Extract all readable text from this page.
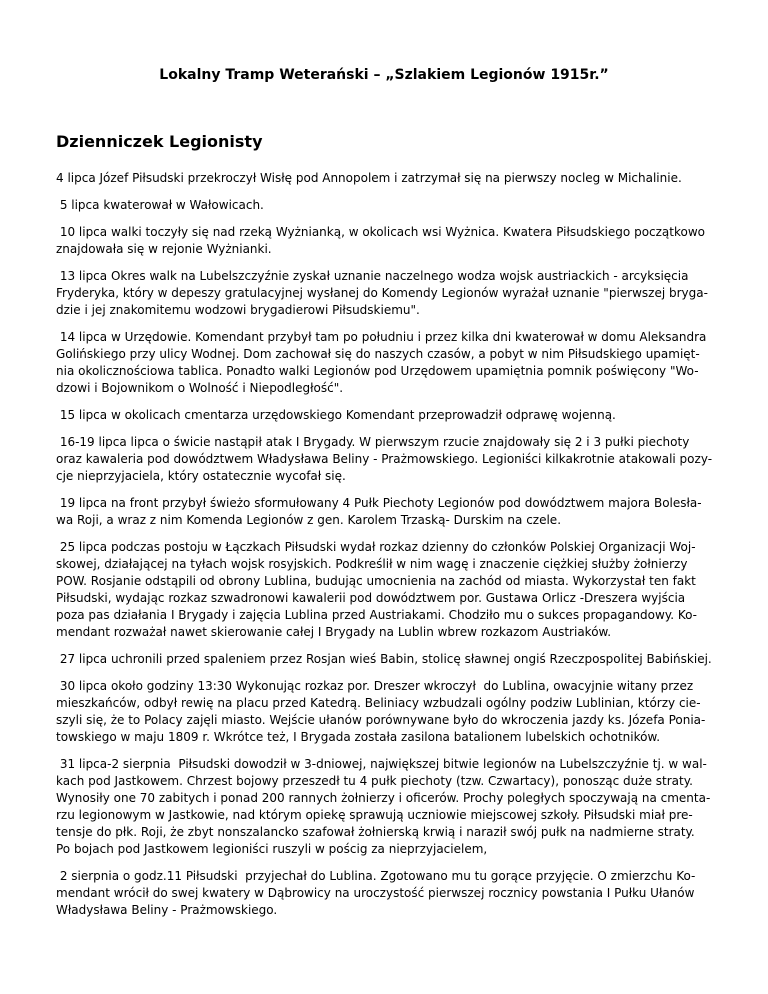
Lokalny Tramp Weterański – „Szlakiem Legionów 1915r.”
Dzienniczek Legionisty

4 lipca Józef Piłsudski przekroczył Wisłę pod Annopolem i zatrzymał się na pierwszy nocleg w Michalinie.

5 lipca kwaterował w Wałowicach.

10 lipca walki toczyły się nad rzeką Wyżnianką, w okolicach wsi Wyżnica. Kwatera Piłsudskiego początkowo
znajdowała się w rejonie Wyżnianki.

13 lipca Okres walk na Lubelszczyźnie zyskał uznanie naczelnego wodza wojsk austriackich - arcyksięcia
Fryderyka, który w depeszy gratulacyjnej wysłanej do Komendy Legionów wyrażał uznanie "pierwszej bryga-
dzie i jej znakomitemu wodzowi brygadierowi Piłsudskiemu".

14 lipca w Urzędowie. Komendant przybył tam po południu i przez kilka dni kwaterował w domu Aleksandra
Golińskiego przy ulicy Wodnej. Dom zachował się do naszych czasów, a pobyt w nim Piłsudskiego upamięt-
nia okolicznościowa tablica. Ponadto walki Legionów pod Urzędowem upamiętnia pomnik poświęcony "Wo-
dzowi i Bojownikom o Wolność i Niepodległość".

15 lipca w okolicach cmentarza urzędowskiego Komendant przeprowadził odprawę wojenną.

16-19 lipca lipca o świcie nastąpił atak I Brygady. W pierwszym rzucie znajdowały się 2 i 3 pułki piechoty
oraz kawaleria pod dowództwem Władysława Beliny - Prażmowskiego. Legioniści kilkakrotnie atakowali pozy-
cje nieprzyjaciela, który ostatecznie wycofał się.

19 lipca na front przybył świeżo sformułowany 4 Pułk Piechoty Legionów pod dowództwem majora Bolesła-
wa Roji, a wraz z nim Komenda Legionów z gen. Karolem Trzaską- Durskim na czele.

25 lipca podczas postoju w Łączkach Piłsudski wydał rozkaz dzienny do członków Polskiej Organizacji Woj-
skowej, działającej na tyłach wojsk rosyjskich. Podkreślił w nim wagę i znaczenie ciężkiej służby żołnierzy
POW. Rosjanie odstąpili od obrony Lublina, budując umocnienia na zachód od miasta. Wykorzystał ten fakt
Piłsudski, wydając rozkaz szwadronowi kawalerii pod dowództwem por. Gustawa Orlicz -Dreszera wyjścia
poza pas działania I Brygady i zajęcia Lublina przed Austriakami. Chodziło mu o sukces propagandowy. Ko-
mendant rozważał nawet skierowanie całej I Brygady na Lublin wbrew rozkazom Austriaków.

27 lipca uchronili przed spaleniem przez Rosjan wieś Babin, stolicę sławnej ongiś Rzeczpospolitej Babińskiej.

30 lipca około godziny 13:30 Wykonując rozkaz por. Dreszer wkroczył  do Lublina, owacyjnie witany przez
mieszkańców, odbył rewię na placu przed Katedrą. Beliniacy wzbudzali ogólny podziw Lublinian, którzy cie-
szyli się, że to Polacy zajęli miasto. Wejście ułanów porównywane było do wkroczenia jazdy ks. Józefa Ponia-
towskiego w maju 1809 r. Wkrótce też, I Brygada została zasilona batalionem lubelskich ochotników.

31 lipca-2 sierpnia  Piłsudski dowodził w 3-dniowej, największej bitwie legionów na Lubelszczyźnie tj. w wal-
kach pod Jastkowem. Chrzest bojowy przeszedł tu 4 pułk piechoty (tzw. Czwartacy), ponosząc duże straty.
Wynosiły one 70 zabitych i ponad 200 rannych żołnierzy i oficerów. Prochy poległych spoczywają na cmenta-
rzu legionowym w Jastkowie, nad którym opiekę sprawują uczniowie miejscowej szkoły. Piłsudski miał pre-
tensje do płk. Roji, że zbyt nonszalancko szafował żołnierską krwią i naraził swój pułk na nadmierne straty.
Po bojach pod Jastkowem legioniści ruszyli w pościg za nieprzyjacielem,

2 sierpnia o godz.11 Piłsudski  przyjechał do Lublina. Zgotowano mu tu gorące przyjęcie. O zmierzchu Ko-
mendant wrócił do swej kwatery w Dąbrowicy na uroczystość pierwszej rocznicy powstania I Pułku Ułanów
Władysława Beliny - Prażmowskiego.
